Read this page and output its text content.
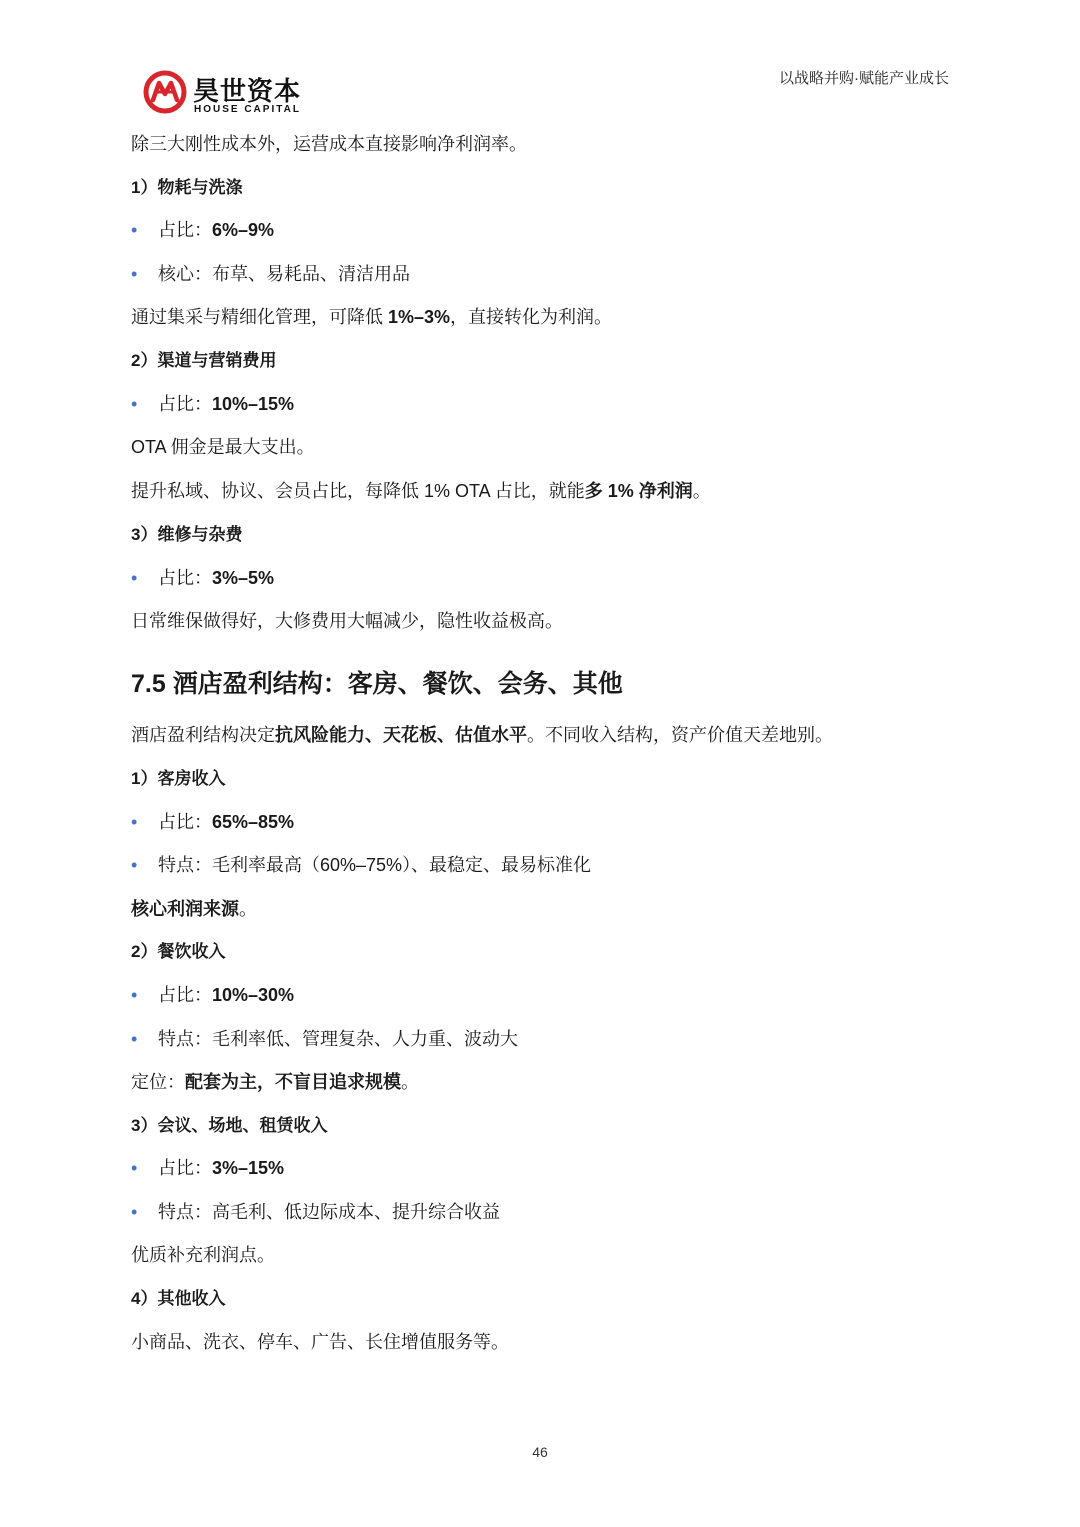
昊世资本
HOUSE CAPITAL
以战略并购·赋能产业成长
除三大刚性成本外，运营成本直接影响净利润率。
1）物耗与洗涤
• 占比：6%–9%
• 核心：布草、易耗品、清洁用品
通过集采与精细化管理，可降低 1%–3%，直接转化为利润。
2）渠道与营销费用
• 占比：10%–15%
OTA 佣金是最大支出。
提升私域、协议、会员占比，每降低 1% OTA 占比，就能多 1% 净利润。
3）维修与杂费
• 占比：3%–5%
日常维保做得好，大修费用大幅减少，隐性收益极高。
7.5 酒店盈利结构：客房、餐饮、会务、其他
酒店盈利结构决定抗风险能力、天花板、估值水平。不同收入结构，资产价值天差地别。
1）客房收入
• 占比：65%–85%
• 特点：毛利率最高（60%–75%）、最稳定、最易标准化
核心利润来源。
2）餐饮收入
• 占比：10%–30%
• 特点：毛利率低、管理复杂、人力重、波动大
定位：配套为主，不盲目追求规模。
3）会议、场地、租赁收入
• 占比：3%–15%
• 特点：高毛利、低边际成本、提升综合收益
优质补充利润点。
4）其他收入
小商品、洗衣、停车、广告、长住增值服务等。
46
